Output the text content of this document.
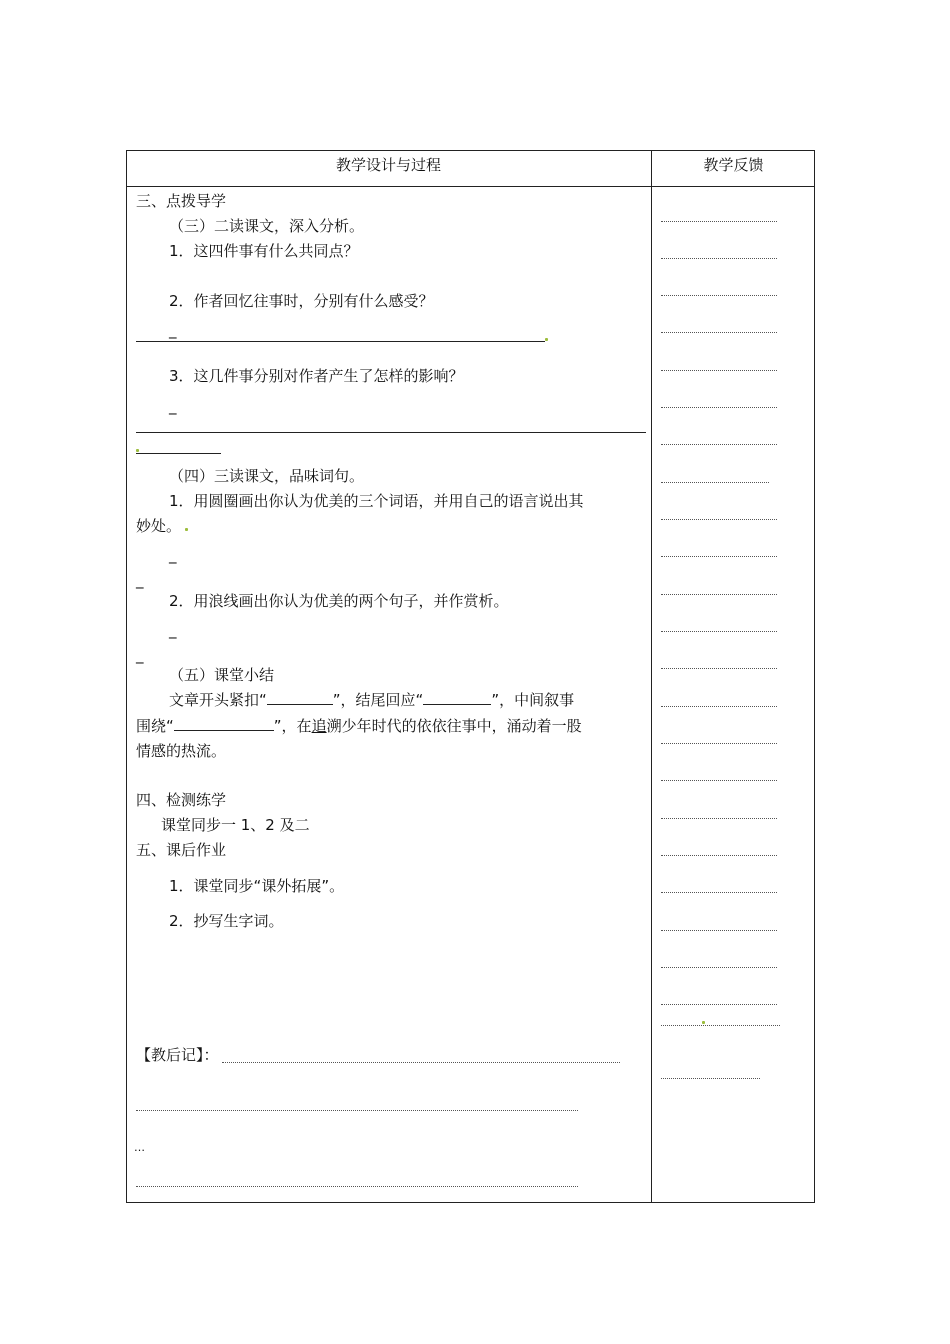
教学设计与过程	教学反馈
三、点拨导学
（三）二读课文，深入分析。
1．这四件事有什么共同点？
2．作者回忆往事时，分别有什么感受？
_
3．这几件事分别对作者产生了怎样的影响？
_
（四）三读课文，品味词句。
1．用圆圈画出你认为优美的三个词语，并用自己的语言说出其
妙处。
_
_
2．用浪线画出你认为优美的两个句子，并作赏析。
_
_
（五）课堂小结
文章开头紧扣“	”，结尾回应“	”，中间叙事
围绕“	”，在追溯少年时代的依依往事中，涌动着一股
情感的热流。
四、检测练学
课堂同步一 1、2 及二
五、课后作业
1．课堂同步“课外拓展”。
2．抄写生字词。
【教后记】：
…
